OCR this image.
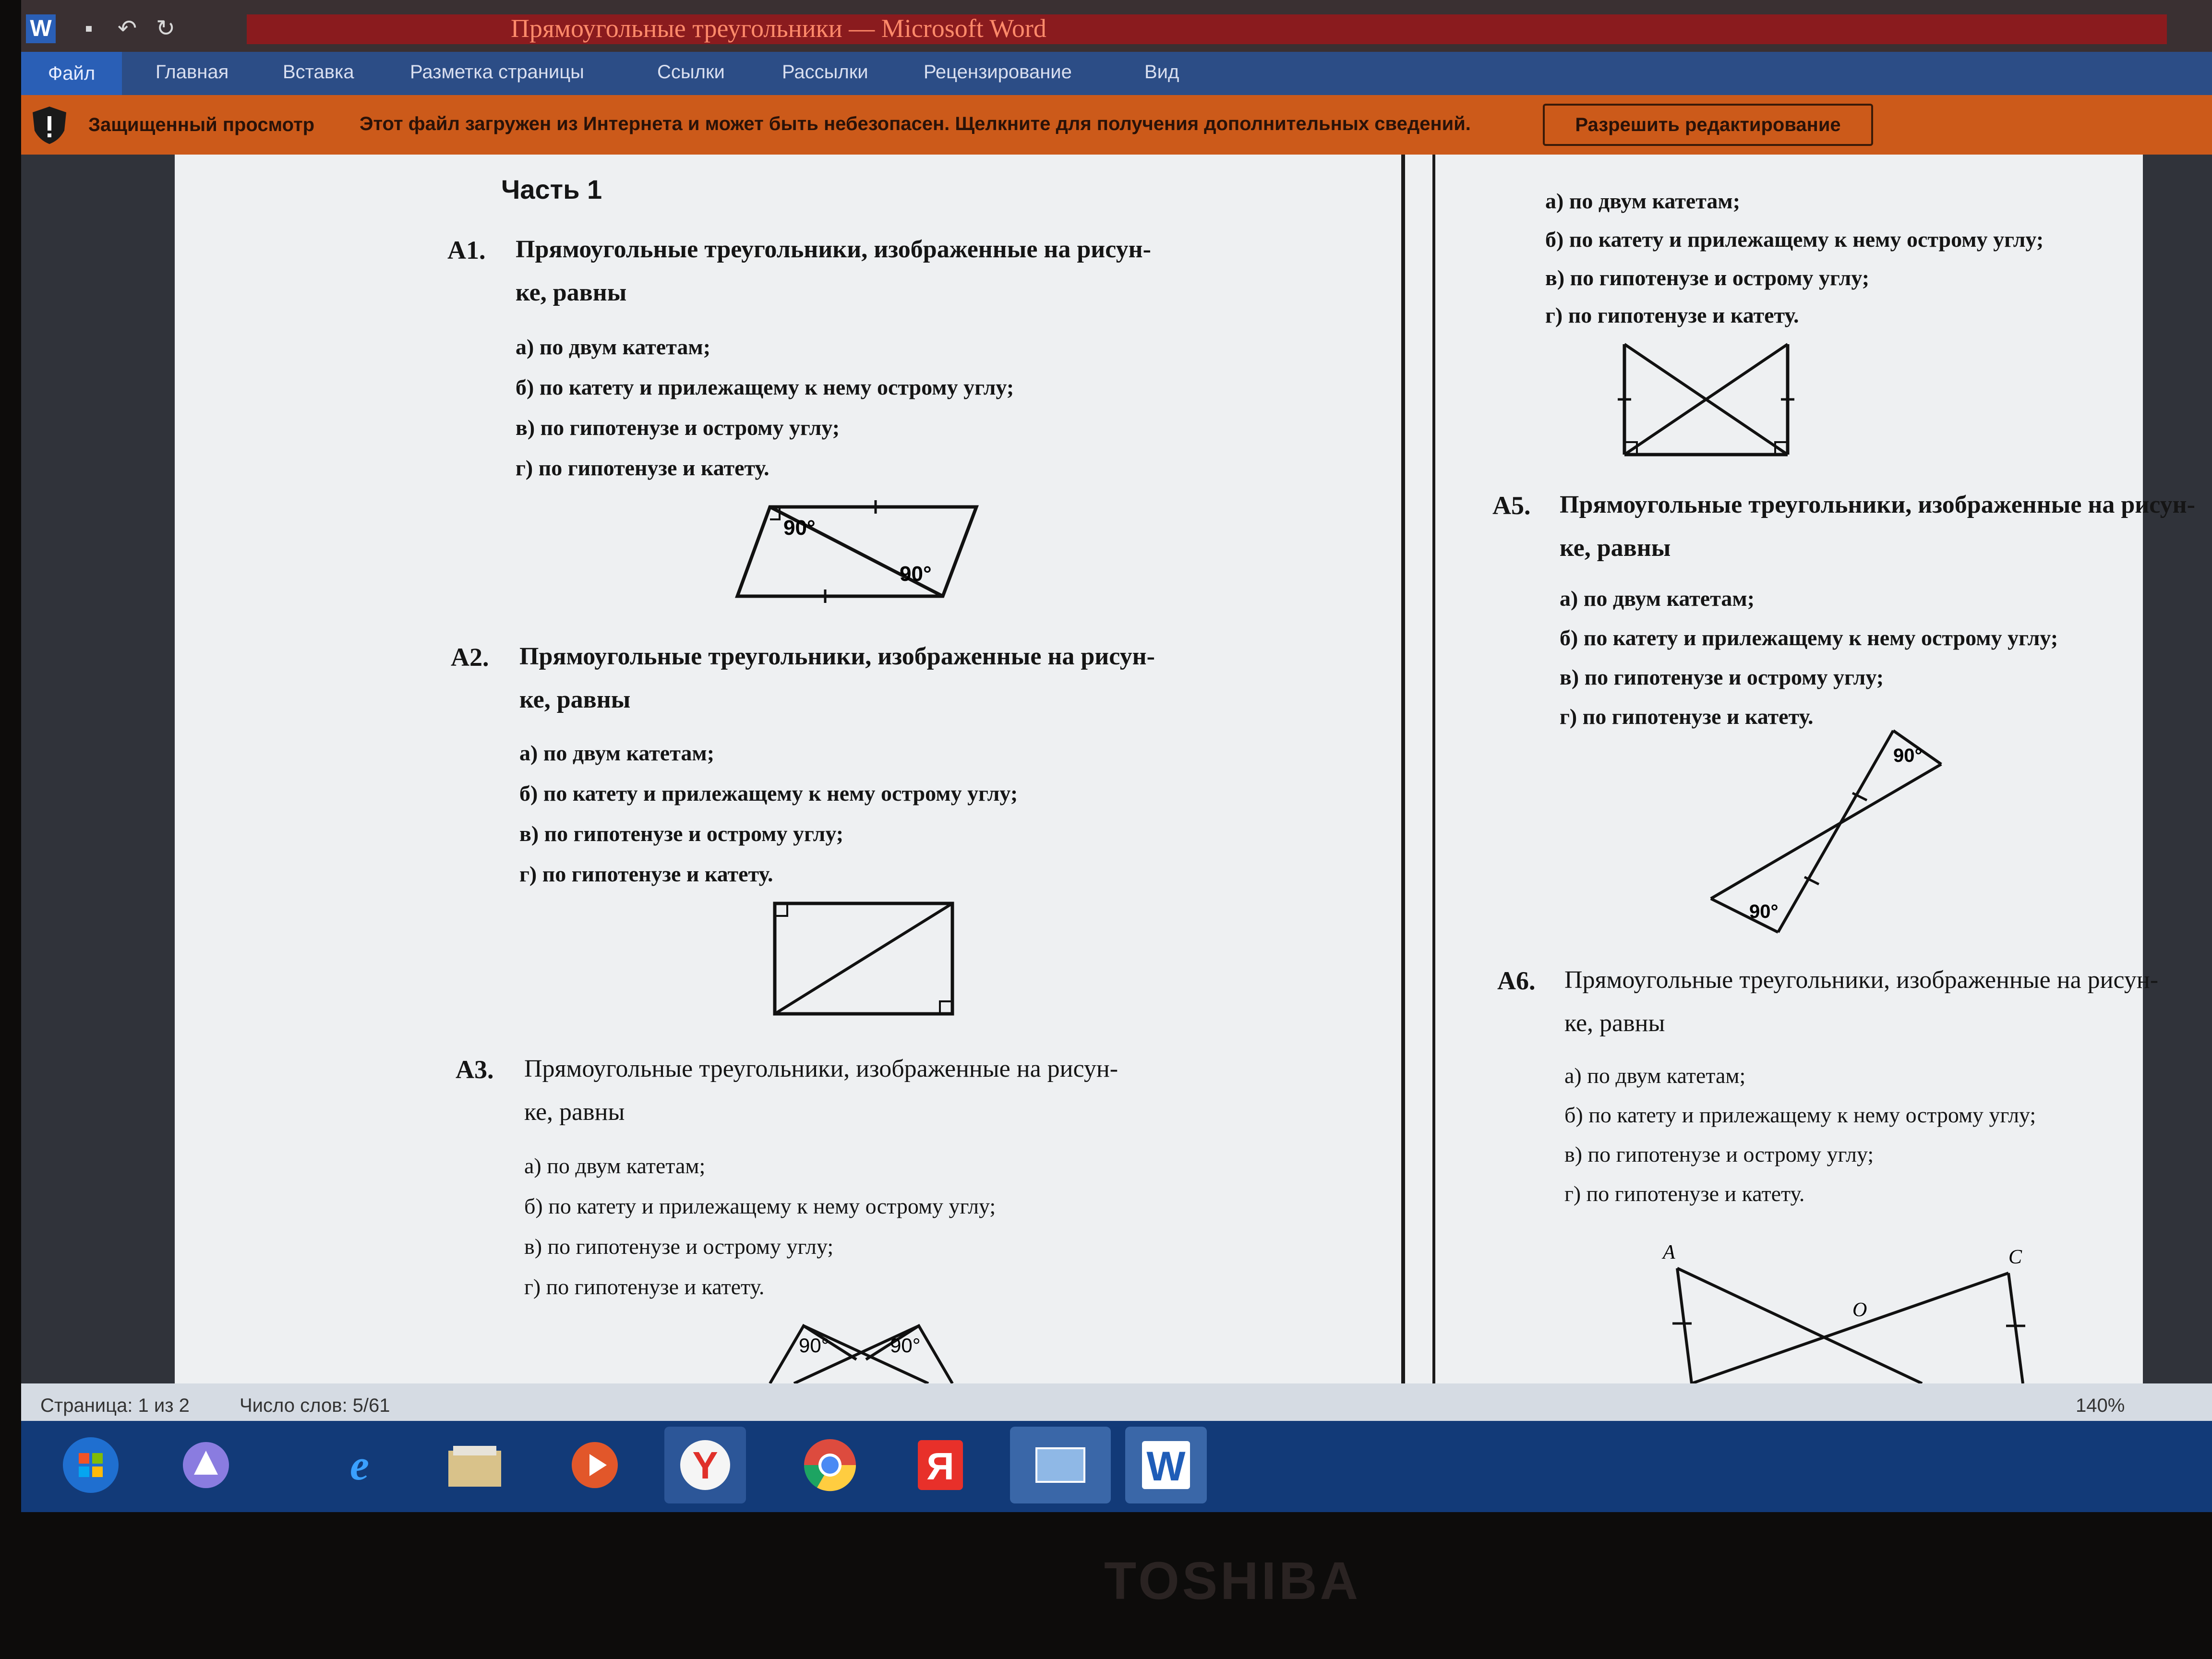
W	▪	↶ ↻	Прямоугольные треугольники — Microsoft Word
Файл	Главная	Вставка	Разметка страницы	Ссылки	Рассылки	Рецензирование	Вид
Защищенный просмотр Этот файл загружен из Интернета и может быть небезопасен. Щелкните для получения дополнительных сведений.	Разрешить редактирование
Часть 1
A1. Прямоугольные треугольники, изображенные на рисун-
ке, равны
а) по двум катетам;
б) по катету и прилежащему к нему острому углу;
в) по гипотенузе и острому углу;
г) по гипотенузе и катету.
90°
90°
A2. Прямоугольные треугольники, изображенные на рисун-
ке, равны
а) по двум катетам;
б) по катету и прилежащему к нему острому углу;
в) по гипотенузе и острому углу;
г) по гипотенузе и катету.
A3. Прямоугольные треугольники, изображенные на рисун-
ке, равны
а) по двум катетам;
б) по катету и прилежащему к нему острому углу;
в) по гипотенузе и острому углу;
г) по гипотенузе и катету.
90°	90°
а) по двум катетам;
б) по катету и прилежащему к нему острому углу;
в) по гипотенузе и острому углу;
г) по гипотенузе и катету.
A5. Прямоугольные треугольники, изображенные на рисун-
ке, равны
а) по двум катетам;
б) по катету и прилежащему к нему острому углу;
в) по гипотенузе и острому углу;
г) по гипотенузе и катету.
90°
90°
A6. Прямоугольные треугольники, изображенные на рисун-
ке, равны
а) по двум катетам;
б) по катету и прилежащему к нему острому углу;
в) по гипотенузе и острому углу;
г) по гипотенузе и катету.
A	C
O
Страница: 1 из 2	Число слов: 5/61	140%
e	Y	Я	W
TOSHIBA
